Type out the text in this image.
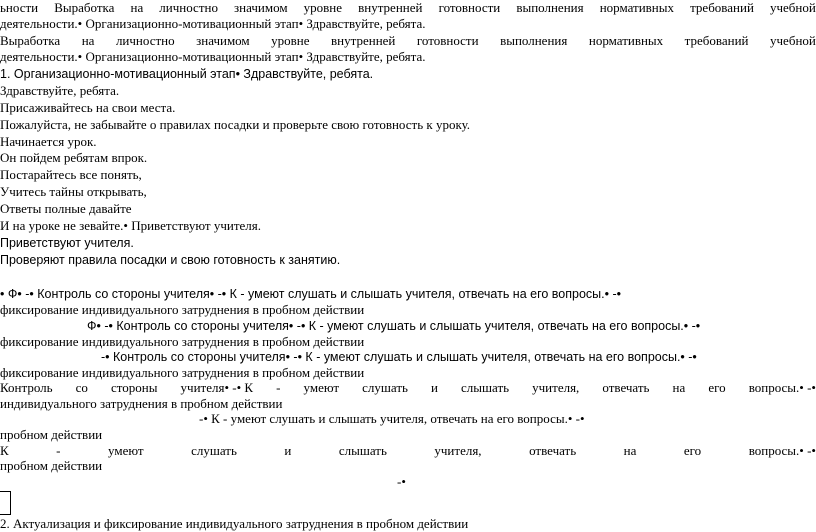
ьности Выработка на личностно значимом уровне внутренней готовности выполнения нормативных требований учебной
деятельности.• Организационно-мотивационный этап• Здравствуйте, ребята.
Выработка на личностно значимом уровне внутренней готовности выполнения нормативных требований учебной
деятельности.• Организационно-мотивационный этап• Здравствуйте, ребята.
1. Организационно-мотивационный этап• Здравствуйте, ребята.
Здравствуйте, ребята.
Присаживайтесь на свои места.
Пожалуйста, не забывайте о правилах посадки и проверьте свою готовность к уроку.
Начинается урок.
Он пойдем ребятам впрок.
Постарайтесь все понять,
Учитесь тайны открывать,
Ответы полные давайте
И на уроке не зевайте.• Приветствуют учителя.
Приветствуют учителя.
Проверяют правила посадки и свою готовность к занятию.
• Ф• -• Контроль со стороны учителя• -• К - умеют слушать и слышать учителя, отвечать на его вопросы.• -•
фиксирование индивидуального затруднения в пробном действии
Ф• -• Контроль со стороны учителя• -• К - умеют слушать и слышать учителя, отвечать на его вопросы.• -•
фиксирование индивидуального затруднения в пробном действии
-• Контроль со стороны учителя• -• К - умеют слушать и слышать учителя, отвечать на его вопросы.• -•
фиксирование индивидуального затруднения в пробном действии
Контроль со стороны учителя• -• К - умеют слушать и слышать учителя, отвечать на его вопросы.• -•
индивидуального затруднения в пробном действии
-• К - умеют слушать и слышать учителя, отвечать на его вопросы.• -•
пробном действии
К	-	умеют	слушать	и	слышать	учителя,	отвечать	на	его	вопросы.• -•
пробном действии
-•
2. Актуализация и фиксирование индивидуального затруднения в пробном действии
